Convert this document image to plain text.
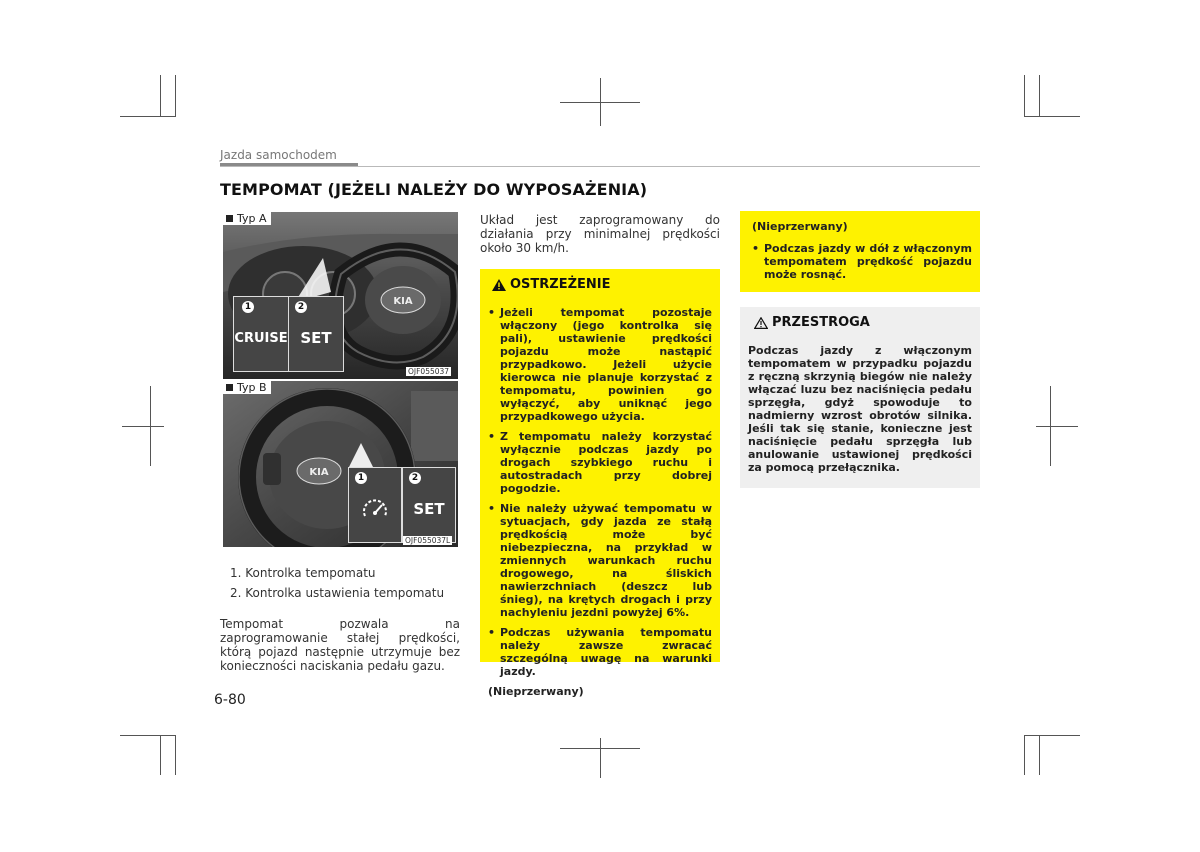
Jazda samochodem
TEMPOMAT (JEŻELI NALEŻY DO WYPOSAŻENIA)
Typ A
KIA
1
CRUISE
2
SET
OJF055037
Typ B
KIA	1	2
SET
OJF055037L
1. Kontrolka tempomatu
2. Kontrolka ustawienia tempomatu
Tempomat pozwala na zaprogramowanie stałej prędkości, którą pojazd następnie utrzymuje bez konieczności naciskania pedału gazu.
Układ jest zaprogramowany do działania przy minimalnej prędkości około 30 km/h.
OSTRZEŻENIE
• Jeżeli tempomat pozostaje włączony (jego kontrolka się pali), ustawienie prędkości pojazdu może nastąpić przypadkowo. Jeżeli użycie kierowca nie planuje korzystać z tempomatu, powinien go wyłączyć, aby uniknąć jego przypadkowego użycia.
• Z tempomatu należy korzystać wyłącznie podczas jazdy po drogach szybkiego ruchu i autostradach przy dobrej pogodzie.
• Nie należy używać tempomatu w sytuacjach, gdy jazda ze stałą prędkością może być niebezpieczna, na przykład w zmiennych warunkach ruchu drogowego, na śliskich nawierzchniach (deszcz lub śnieg), na krętych drogach i przy nachyleniu jezdni powyżej 6%.
• Podczas używania tempomatu należy zawsze zwracać szczególną uwagę na warunki jazdy.
(Nieprzerwany)
(Nieprzerwany)
• Podczas jazdy w dół z włączonym tempomatem prędkość pojazdu może rosnąć.
PRZESTROGA
Podczas jazdy z włączonym tempomatem w przypadku pojazdu z ręczną skrzynią biegów nie należy włączać luzu bez naciśnięcia pedału sprzęgła, gdyż spowoduje to nadmierny wzrost obrotów silnika. Jeśli tak się stanie, konieczne jest naciśnięcie pedału sprzęgła lub anulowanie ustawionej prędkości za pomocą przełącznika.
6-80
